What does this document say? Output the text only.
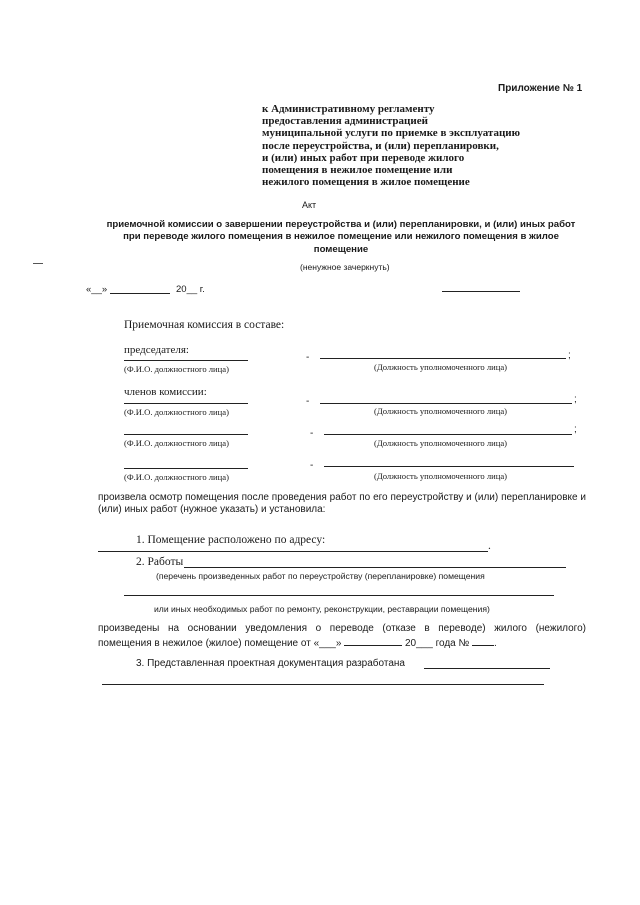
Приложение № 1
к Административному регламенту
предоставления администрацией
муниципальной услуги по приемке в эксплуатацию
после переустройства, и (или) перепланировки,
и (или) иных работ при переводе жилого
помещения в нежилое помещение или
нежилого помещения в жилое помещение
Акт
приемочной комиссии о завершении переустройства и (или) перепланировки, и (или) иных работ
при переводе жилого помещения в нежилое помещение или нежилого помещения в жилое
помещение
(ненужное зачеркнуть)
«__»	20__ г.
Приемочная комиссия в составе:
председателя:
(Ф.И.О. должностного лица)
-	;
(Должность уполномоченного лица)
членов комиссии:
(Ф.И.О. должностного лица)
-	;
(Должность уполномоченного лица)
(Ф.И.О. должностного лица)
-	;
(Должность уполномоченного лица)
(Ф.И.О. должностного лица)
-
(Должность уполномоченного лица)
произвела осмотр помещения после проведения работ по его переустройству и (или) перепланировке и (или) иных работ (нужное указать) и установила:
1. Помещение расположено по адресу:	.
2. Работы
(перечень произведенных работ по переустройству (перепланировке) помещения
или иных необходимых работ по ремонту, реконструкции, реставрации помещения)
произведены на основании уведомления о переводе (отказе в переводе) жилого (нежилого)
помещения в нежилое (жилое) помещение от «___»	20___ года № .
3. Представленная проектная документация разработана
